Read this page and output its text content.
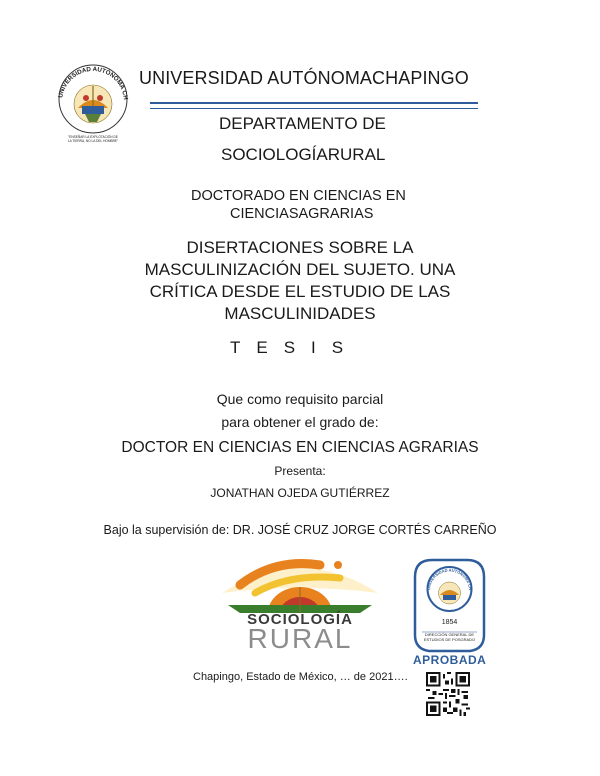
UNIVERSIDAD AUTÓNOMA CH
"ENSEÑAR LA EXPLOTACIÓN DE
LA TIERRA, NO LA DEL HOMBRE"
UNIVERSIDAD AUTÓNOMACHAPINGO
DEPARTAMENTO DE
SOCIOLOGÍARURAL
DOCTORADO EN CIENCIAS EN
CIENCIASAGRARIAS
DISERTACIONES SOBRE LA
MASCULINIZACIÓN DEL SUJETO. UNA
CRÍTICA DESDE EL ESTUDIO DE LAS
MASCULINIDADES
TESIS
Que como requisito parcial
para obtener el grado de:
DOCTOR EN CIENCIAS EN CIENCIAS AGRARIAS
Presenta:
JONATHAN OJEDA GUTIÉRREZ
Bajo la supervisión de: DR. JOSÉ CRUZ JORGE CORTÉS CARREÑO
SOCIOLOGÍA
RURAL
UNIVERSIDAD AUTÓNOMA CH
1854
DIRECCIÓN GENERAL DE ESTUDIOS DE POSGRADO
APROBADA
Chapingo, Estado de México, … de 2021….
